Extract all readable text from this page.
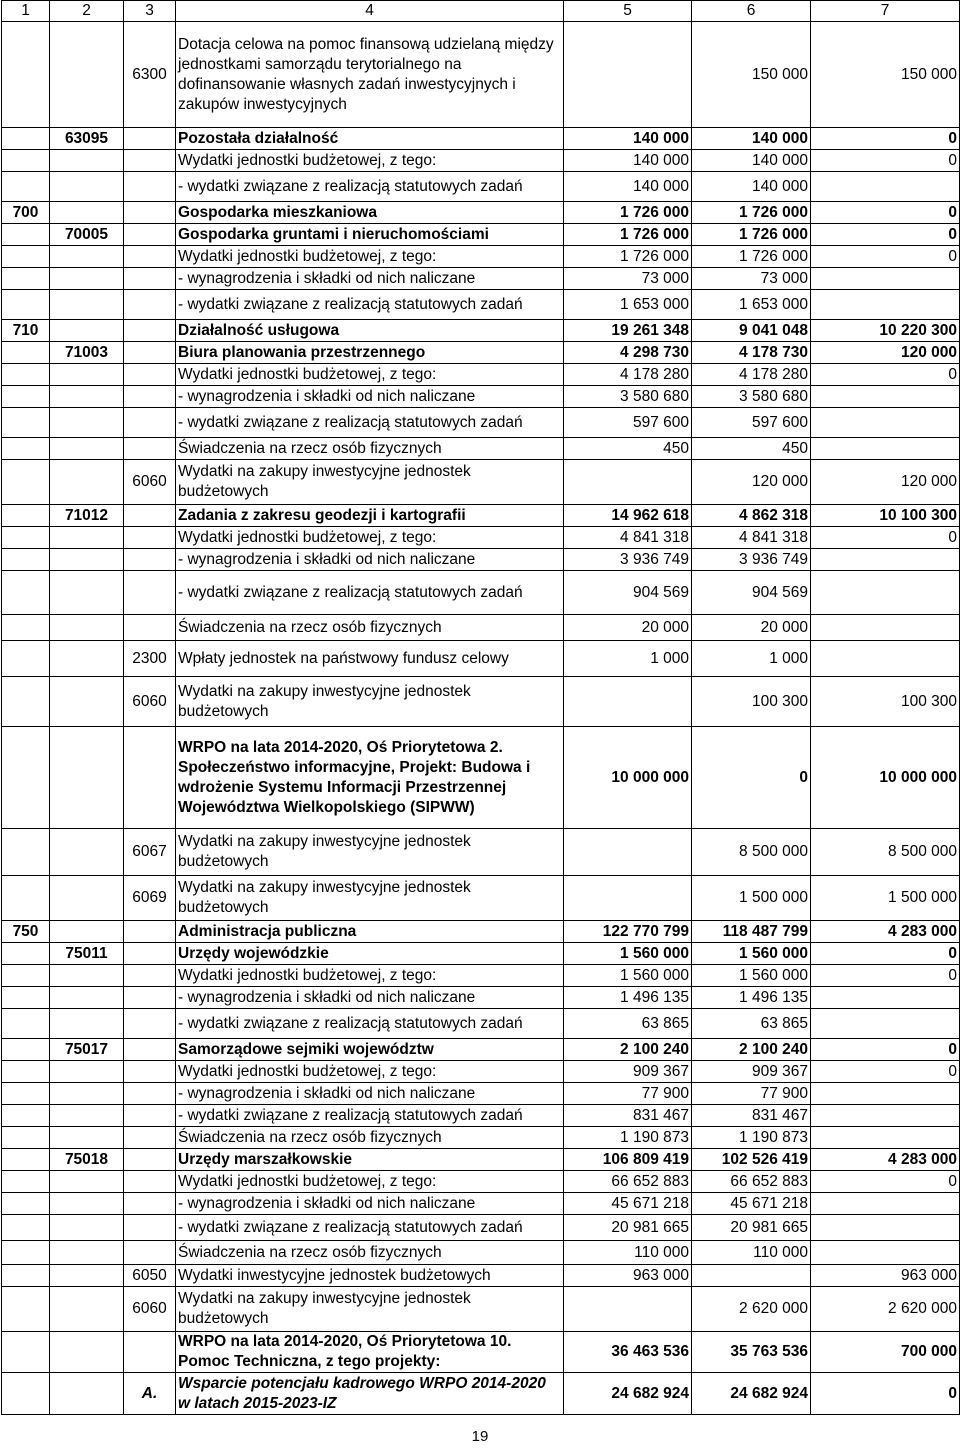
1	2	3	4	5	6	7
		6300	Dotacja celowa na pomoc finansową udzielaną między jednostkami samorządu terytorialnego na dofinansowanie własnych zadań inwestycyjnych i zakupów inwestycyjnych		150 000	150 000
	63095		Pozostała działalność	140 000	140 000	0
			Wydatki jednostki budżetowej, z tego:	140 000	140 000	0
			- wydatki związane z realizacją statutowych zadań	140 000	140 000	
700			Gospodarka mieszkaniowa	1 726 000	1 726 000	0
	70005		Gospodarka gruntami i nieruchomościami	1 726 000	1 726 000	0
			Wydatki jednostki budżetowej, z tego:	1 726 000	1 726 000	0
			- wynagrodzenia i składki od nich naliczane	73 000	73 000	
			- wydatki związane z realizacją statutowych zadań	1 653 000	1 653 000	
710			Działalność usługowa	19 261 348	9 041 048	10 220 300
	71003		Biura planowania przestrzennego	4 298 730	4 178 730	120 000
			Wydatki jednostki budżetowej, z tego:	4 178 280	4 178 280	0
			- wynagrodzenia i składki od nich naliczane	3 580 680	3 580 680	
			- wydatki związane z realizacją statutowych zadań	597 600	597 600	
			Świadczenia na rzecz osób fizycznych	450	450	
		6060	Wydatki na zakupy inwestycyjne jednostek budżetowych		120 000	120 000
	71012		Zadania z zakresu geodezji i kartografii	14 962 618	4 862 318	10 100 300
			Wydatki jednostki budżetowej, z tego:	4 841 318	4 841 318	0
			- wynagrodzenia i składki od nich naliczane	3 936 749	3 936 749	
			- wydatki związane z realizacją statutowych zadań	904 569	904 569	
			Świadczenia na rzecz osób fizycznych	20 000	20 000	
		2300	Wpłaty jednostek na państwowy fundusz celowy	1 000	1 000	
		6060	Wydatki na zakupy inwestycyjne jednostek budżetowych		100 300	100 300
			WRPO na lata 2014-2020, Oś Priorytetowa 2. Społeczeństwo informacyjne, Projekt: Budowa i wdrożenie Systemu Informacji Przestrzennej Województwa Wielkopolskiego (SIPWW)	10 000 000	0	10 000 000
		6067	Wydatki na zakupy inwestycyjne jednostek budżetowych		8 500 000	8 500 000
		6069	Wydatki na zakupy inwestycyjne jednostek budżetowych		1 500 000	1 500 000
750			Administracja publiczna	122 770 799	118 487 799	4 283 000
	75011		Urzędy wojewódzkie	1 560 000	1 560 000	0
			Wydatki jednostki budżetowej, z tego:	1 560 000	1 560 000	0
			- wynagrodzenia i składki od nich naliczane	1 496 135	1 496 135	
			- wydatki związane z realizacją statutowych zadań	63 865	63 865	
	75017		Samorządowe sejmiki województw	2 100 240	2 100 240	0
			Wydatki jednostki budżetowej, z tego:	909 367	909 367	0
			- wynagrodzenia i składki od nich naliczane	77 900	77 900	
			- wydatki związane z realizacją statutowych zadań	831 467	831 467	
			Świadczenia na rzecz osób fizycznych	1 190 873	1 190 873	
	75018		Urzędy marszałkowskie	106 809 419	102 526 419	4 283 000
			Wydatki jednostki budżetowej, z tego:	66 652 883	66 652 883	0
			- wynagrodzenia i składki od nich naliczane	45 671 218	45 671 218	
			- wydatki związane z realizacją statutowych zadań	20 981 665	20 981 665	
			Świadczenia na rzecz osób fizycznych	110 000	110 000	
		6050	Wydatki inwestycyjne jednostek budżetowych	963 000		963 000
		6060	Wydatki na zakupy inwestycyjne jednostek budżetowych		2 620 000	2 620 000
			WRPO na lata 2014-2020, Oś Priorytetowa 10. Pomoc Techniczna, z tego projekty:	36 463 536	35 763 536	700 000
		A.	Wsparcie potencjału kadrowego WRPO 2014-2020 w latach 2015-2023-IZ	24 682 924	24 682 924	0
19
